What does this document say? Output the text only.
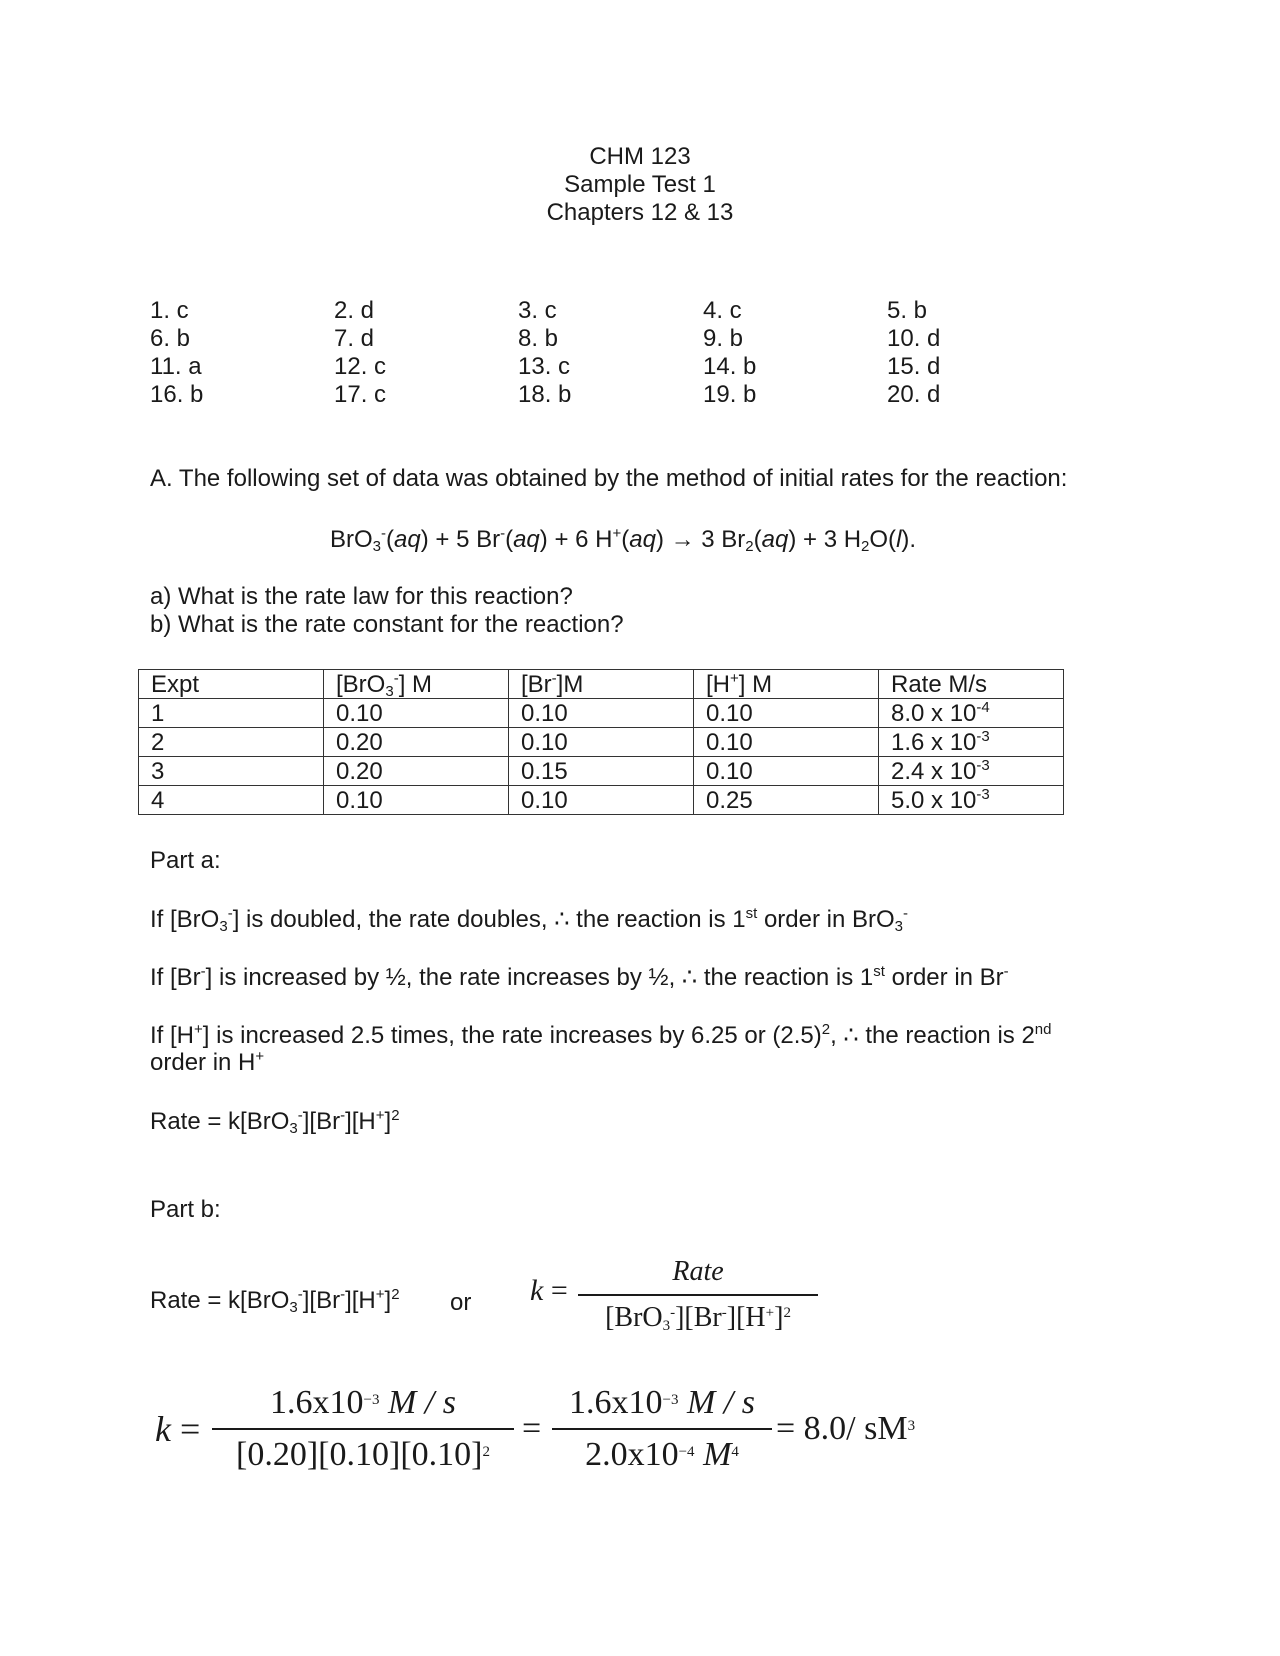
CHM 123
Sample Test 1
Chapters 12 & 13
1. c	2. d	3. c	4. c	5. b
6. b	7. d	8. b	9. b	10. d
11. a	12. c	13. c	14. b	15. d
16. b	17. c	18. b	19. b	20. d
A. The following set of data was obtained by the method of initial rates for the reaction:
BrO$_3$-(aq) + 5 Br-(aq) + 6 H+(aq) → 3 $Br_2(aq) + 3$ $H_2O(l)$.
a) What is the rate law for this reaction?
b) What is the rate constant for the reaction?
Expt	[BrO$_3$-] M	[Br-]M	[H+] M	Rate M/s
1	0.10	0.10	0.10	8.0 x $10^{-4}$
2	0.20	0.10	0.10	1.6 x $10^{-3}$
3	0.20	0.15	0.10	2.4 x $10^{-3}$
4	0.10	0.10	0.25	5.0 x $10^{-3}$
Part a:
If [BrO$_3$-] is doubled, the rate doubles, ∴ the reaction is 1st order in BrO$_3$-
If [Br-] is increased by ½, the rate increases by ½, ∴ the reaction is 1st order in Br-
If [H+] is increased 2.5 times, the rate increases by 6.25 or $(2.5)^2$, ∴ the reaction is 2nd
order in H+
Rate = $k[BrO_3^-][Br^-][H^+]^2$
Part b:
Rate = $k[BrO_3^-][Br^-][H^+]^2$ or k =
Rate
$[BrO_3^-][Br^-][H^+]^2$
$k = \frac{1.6x10^{-3} M / s}{[0.20][0.10][0.10]^2} = \frac{1.6x10^{-3} M / s}{2.0x10^{-4} M^4} = 8.0/$ $sM^3$
